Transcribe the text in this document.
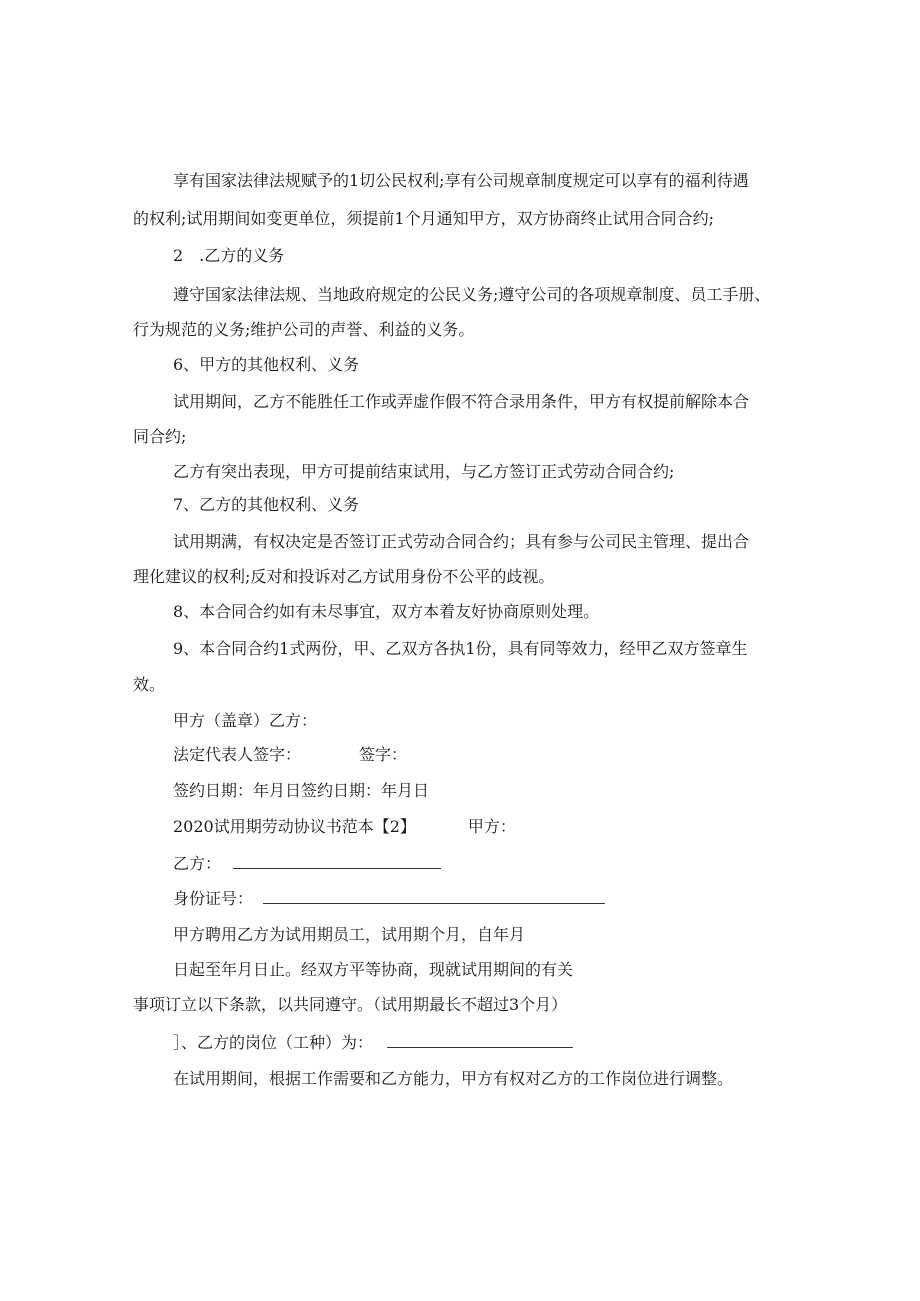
享有国家法律法规赋予的1切公民权利;享有公司规章制度规定可以享有的福利待遇
的权利;试用期间如变更单位，须提前1个月通知甲方，双方协商终止试用合同合约;
2　.乙方的义务
遵守国家法律法规、当地政府规定的公民义务;遵守公司的各项规章制度、员工手册、
行为规范的义务;维护公司的声誉、利益的义务。
6、甲方的其他权利、义务
试用期间，乙方不能胜任工作或弄虚作假不符合录用条件，甲方有权提前解除本合
同合约;
乙方有突出表现，甲方可提前结束试用，与乙方签订正式劳动合同合约;
7、乙方的其他权利、义务
试用期满，有权决定是否签订正式劳动合同合约；具有参与公司民主管理、提出合
理化建议的权利;反对和投诉对乙方试用身份不公平的歧视。
8、本合同合约如有未尽事宜，双方本着友好协商原则处理。
9、本合同合约1式两份，甲、乙双方各执1份，具有同等效力，经甲乙双方签章生
效。
甲方（盖章）乙方：
法定代表人签字：	签字：
签约日期：年月日签约日期：年月日
2020试用期劳动协议书范本【2】	甲方：
乙方：
身份证号：
甲方聘用乙方为试用期员工，试用期个月，自年月
日起至年月日止。经双方平等协商，现就试用期间的有关
事项订立以下条款，以共同遵守。（试用期最长不超过3个月）
］、乙方的岗位（工种）为：
在试用期间，根据工作需要和乙方能力，甲方有权对乙方的工作岗位进行调整。
